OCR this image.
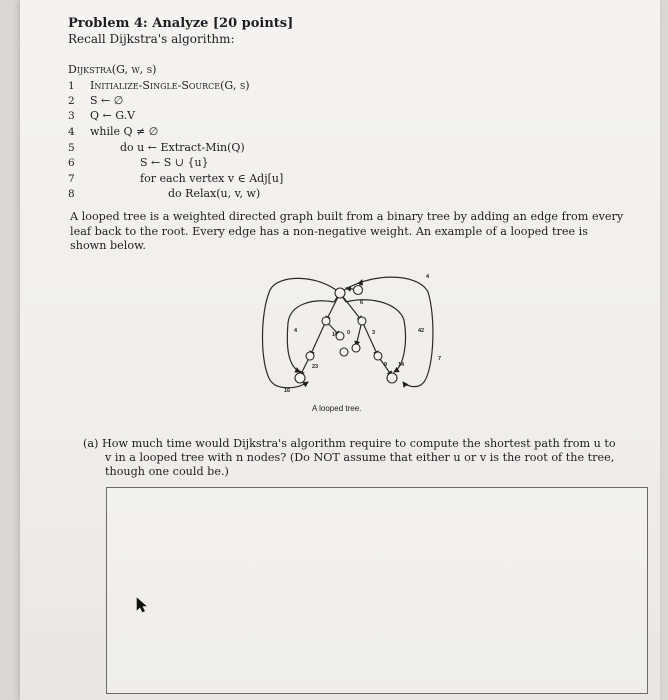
Problem 4: Analyze [20 points]
Recall Dijkstra's algorithm:
Dijkstra(G, w, s)
1
2
3
4
5
6
7
8
Initialize-Single-Source(G, s)
S ← ∅
Q ← G.V
while Q ≠ ∅
do u ← Extract-Min(Q)
S ← S ∪ {u}
for each vertex v ∈ Adj[u]
do Relax(u, v, w)
A looped tree is a weighted directed graph built from a binary tree by adding an edge from every leaf back to the root. Every edge has a non-negative weight. An example of a looped tree is shown below.
4
6
4
17 0	3	42
23	9 14
7
16
A looped tree.
(a) How much time would Dijkstra's algorithm require to compute the shortest path from u to v in a looped tree with n nodes? (Do NOT assume that either u or v is the root of the tree, though one could be.)
